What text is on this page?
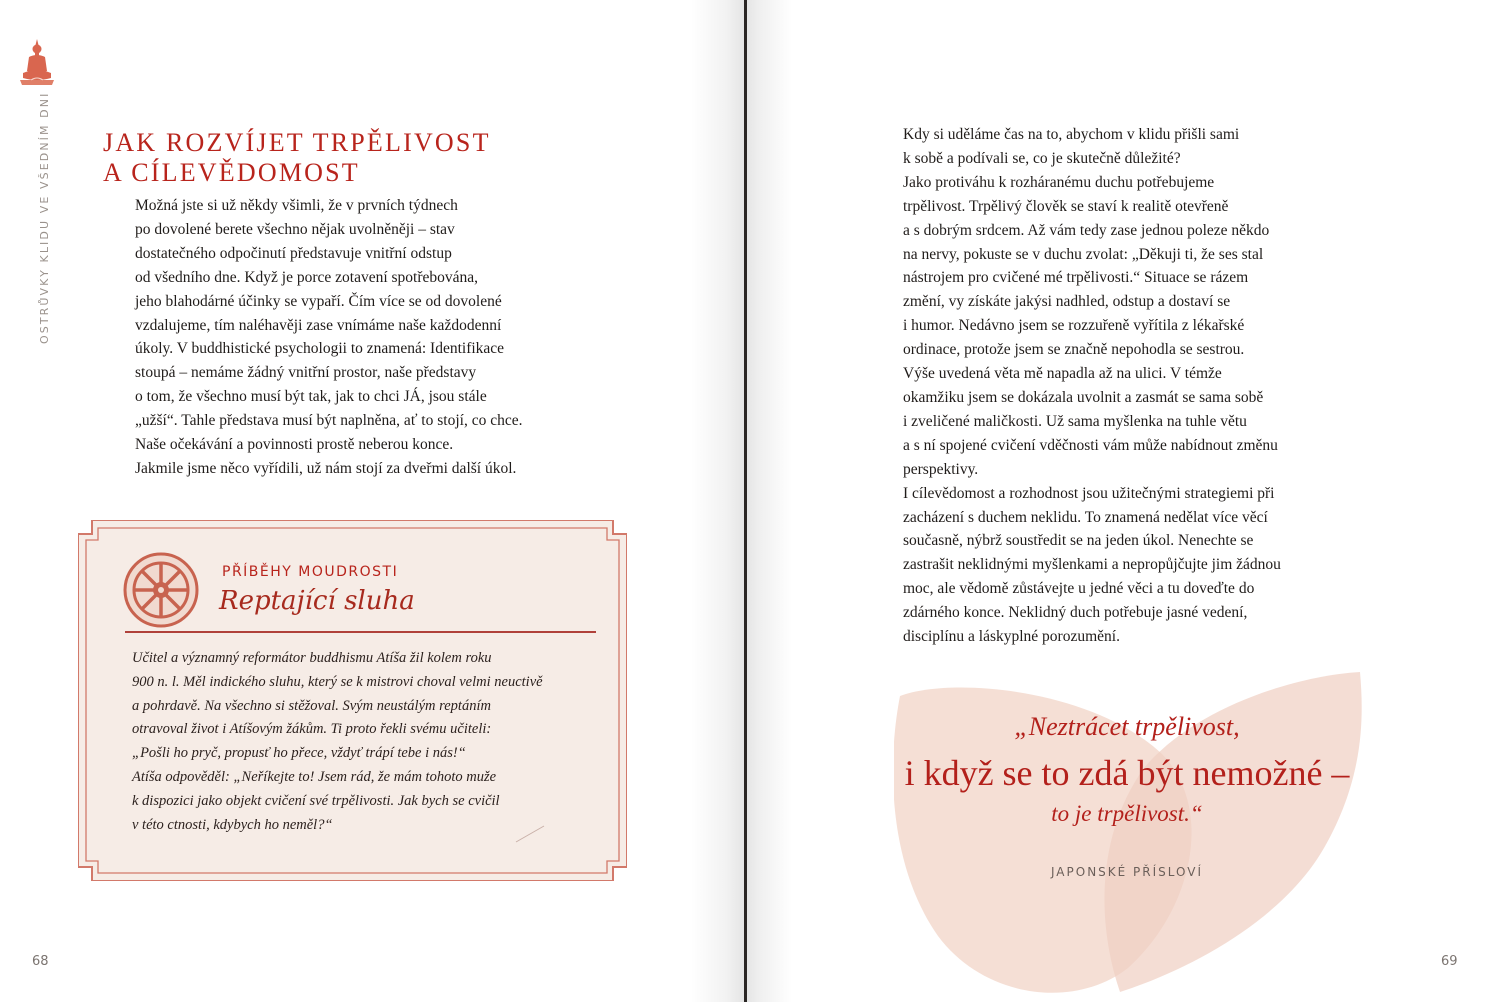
OSTRŮVKY KLIDU VE VŠEDNÍM DNI JAK ROZVÍJET TRPĚLIVOST
A CÍLEVĚDOMOST
Možná jste si už někdy všimli, že v prvních týdnech
po dovolené berete všechno nějak uvolněněji – stav
dostatečného odpočinutí představuje vnitřní odstup
od všedního dne. Když je porce zotavení spotřebována,
jeho blahodárné účinky se vypaří. Čím více se od dovolené
vzdalujeme, tím naléhavěji zase vnímáme naše každodenní
úkoly. V buddhistické psychologii to znamená: Identifikace
stoupá – nemáme žádný vnitřní prostor, naše představy
o tom, že všechno musí být tak, jak to chci JÁ, jsou stále
„užší“. Tahle představa musí být naplněna, ať to stojí, co chce.
Naše očekávání a povinnosti prostě neberou konce.
Jakmile jsme něco vyřídili, už nám stojí za dveřmi další úkol.
PŘÍBĚHY MOUDROSTI
Reptající sluha
Učitel a významný reformátor buddhismu Atíša žil kolem roku
900 n. l. Měl indického sluhu, který se k mistrovi choval velmi neuctivě
a pohrdavě. Na všechno si stěžoval. Svým neustálým reptáním
otravoval život i Atíšovým žákům. Ti proto řekli svému učiteli:
„Pošli ho pryč, propusť ho přece, vždyť trápí tebe i nás!“
Atíša odpověděl: „Neříkejte to! Jsem rád, že mám tohoto muže
k dispozici jako objekt cvičení své trpělivosti. Jak bych se cvičil
v této ctnosti, kdybych ho neměl?“
68
Kdy si uděláme čas na to, abychom v klidu přišli sami
k sobě a podívali se, co je skutečně důležité?
Jako protiváhu k rozháranému duchu potřebujeme
trpělivost. Trpělivý člověk se staví k realitě otevřeně
a s dobrým srdcem. Až vám tedy zase jednou poleze někdo
na nervy, pokuste se v duchu zvolat: „Děkuji ti, že ses stal
nástrojem pro cvičené mé trpělivosti.“ Situace se rázem
změní, vy získáte jakýsi nadhled, odstup a dostaví se
i humor. Nedávno jsem se rozzuřeně vyřítila z lékařské
ordinace, protože jsem se značně nepohodla se sestrou.
Výše uvedená věta mě napadla až na ulici. V témže
okamžiku jsem se dokázala uvolnit a zasmát se sama sobě
i zveličené maličkosti. Už sama myšlenka na tuhle větu
a s ní spojené cvičení vděčnosti vám může nabídnout změnu
perspektivy.
I cílevědomost a rozhodnost jsou užitečnými strategiemi při
zacházení s duchem neklidu. To znamená nedělat více věcí
současně, nýbrž soustředit se na jeden úkol. Nenechte se
zastrašit neklidnými myšlenkami a nepropůjčujte jim žádnou
moc, ale vědomě zůstávejte u jedné věci a tu doveďte do
zdárného konce. Neklidný duch potřebuje jasné vedení,
disciplínu a láskyplné porozumění.
„Neztrácet trpělivost,
i když se to zdá být nemožné –
to je trpělivost.“
JAPONSKÉ PŘÍSLOVÍ
69
